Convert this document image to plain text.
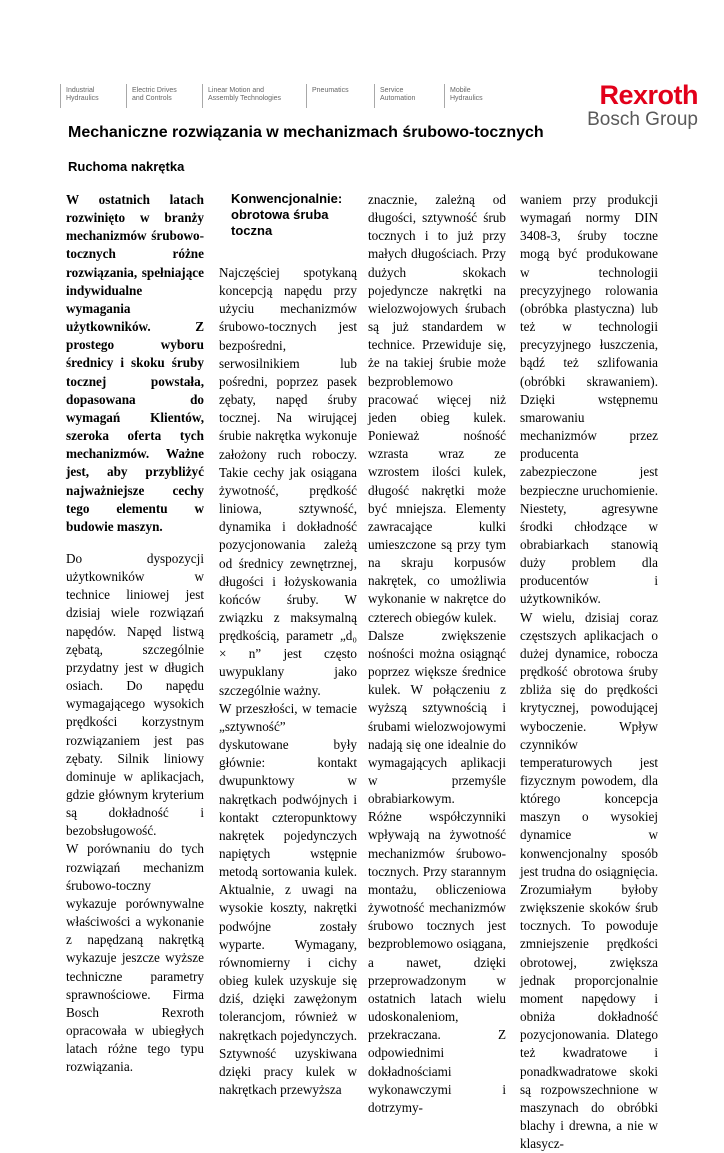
Industrial
Hydraulics
Electric Drives
and Controls
Linear Motion and
Assembly Technologies
Pneumatics	Service
Automation
Mobile
Hydraulics	Rexroth
Bosch Group
Mechaniczne rozwiązania w mechanizmach śrubowo-tocznych
Ruchoma nakrętka

W ostatnich latach rozwinięto w branży mechanizmów śrubowo-tocznych różne rozwiązania, spełniające indywidualne wymagania użytkowników. Z prostego wyboru średnicy i skoku śruby tocznej powstała, dopasowana do wymagań Klientów, szeroka oferta tych mechanizmów. Ważne jest, aby przybliżyć najważniejsze cechy tego elementu w budowie maszyn.

Do dyspozycji użytkowników w technice liniowej jest dzisiaj wiele rozwiązań napędów. Napęd listwą zębatą, szczególnie przydatny jest w długich osiach. Do napędu wymagającego wysokich prędkości korzystnym rozwiązaniem jest pas zębaty. Silnik liniowy dominuje w aplikacjach, gdzie głównym kryterium są dokładność i bezobsługowość.

W porównaniu do tych rozwiązań mechanizm śrubowo-toczny wykazuje porównywalne właściwości a wykonanie z napędzaną nakrętką wykazuje jeszcze wyższe techniczne parametry sprawnościowe. Firma Bosch Rexroth opracowała w ubiegłych latach różne tego typu rozwiązania.

Konwencjonalnie: obrotowa śruba toczna

Najczęściej spotykaną koncepcją napędu przy użyciu mechanizmów śrubowo-tocznych jest bezpośredni, serwosilnikiem lub pośredni, poprzez pasek zębaty, napęd śruby tocznej. Na wirującej śrubie nakrętka wykonuje założony ruch roboczy. Takie cechy jak osiągana żywotność, prędkość liniowa, sztywność, dynamika i dokładność pozycjonowania zależą od średnicy zewnętrznej, długości i łożyskowania końców śruby. W związku z maksymalną prędkością, parametr „d₀ × n” jest często uwypuklany jako szczególnie ważny.

W przeszłości, w temacie „sztywność” dyskutowane były głównie: kontakt dwupunktowy w nakrętkach podwójnych i kontakt czteropunktowy nakrętek pojedynczych napiętych wstępnie metodą sortowania kulek. Aktualnie, z uwagi na wysokie koszty, nakrętki podwójne zostały wyparte. Wymagany, równomierny i cichy obieg kulek uzyskuje się dziś, dzięki zawężonym tolerancjom, również w nakrętkach pojedynczych. Sztywność uzyskiwana dzięki pracy kulek w nakrętkach przewyższa

znacznie, zależną od długości, sztywność śrub tocznych i to już przy małych długościach. Przy dużych skokach pojedyncze nakrętki na wielozwojowych śrubach są już standardem w technice. Przewiduje się, że na takiej śrubie może bezproblemowo pracować więcej niż jeden obieg kulek. Ponieważ nośność wzrasta wraz ze wzrostem ilości kulek, długość nakrętki może być mniejsza. Elementy zawracające kulki umieszczone są przy tym na skraju korpusów nakrętek, co umożliwia wykonanie w nakrętce do czterech obiegów kulek.

Dalsze zwiększenie nośności można osiągnąć poprzez większe średnice kulek. W połączeniu z wyższą sztywnością i śrubami wielozwojowymi nadają się one idealnie do wymagających aplikacji w przemyśle obrabiarkowym.

Różne współczynniki wpływają na żywotność mechanizmów śrubowo-tocznych. Przy starannym montażu, obliczeniowa żywotność mechanizmów śrubowo tocznych jest bezproblemowo osiągana, a nawet, dzięki przeprowadzonym w ostatnich latach wielu udoskonaleniom, przekraczana. Z odpowiednimi dokładnościami wykonawczymi i dotrzymy-

waniem przy produkcji wymagań normy DIN 3408-3, śruby toczne mogą być produkowane w technologii precyzyjnego rolowania (obróbka plastyczna) lub też w technologii precyzyjnego łuszczenia, bądź też szlifowania (obróbki skrawaniem). Dzięki wstępnemu smarowaniu mechanizmów przez producenta zabezpieczone jest bezpieczne uruchomienie. Niestety, agresywne środki chłodzące w obrabiarkach stanowią duży problem dla producentów i użytkowników.

W wielu, dzisiaj coraz częstszych aplikacjach o dużej dynamice, robocza prędkość obrotowa śruby zbliża się do prędkości krytycznej, powodującej wyboczenie. Wpływ czynników temperaturowych jest fizycznym powodem, dla którego koncepcja maszyn o wysokiej dynamice w konwencjonalny sposób jest trudna do osiągnięcia. Zrozumiałym byłoby zwiększenie skoków śrub tocznych. To powoduje zmniejszenie prędkości obrotowej, zwiększa jednak proporcjonalnie moment napędowy i obniża dokładność pozycjonowania. Dlatego też kwadratowe i ponadkwadratowe skoki są rozpowszechnione w maszynach do obróbki blachy i drewna, a nie w klasycz-
